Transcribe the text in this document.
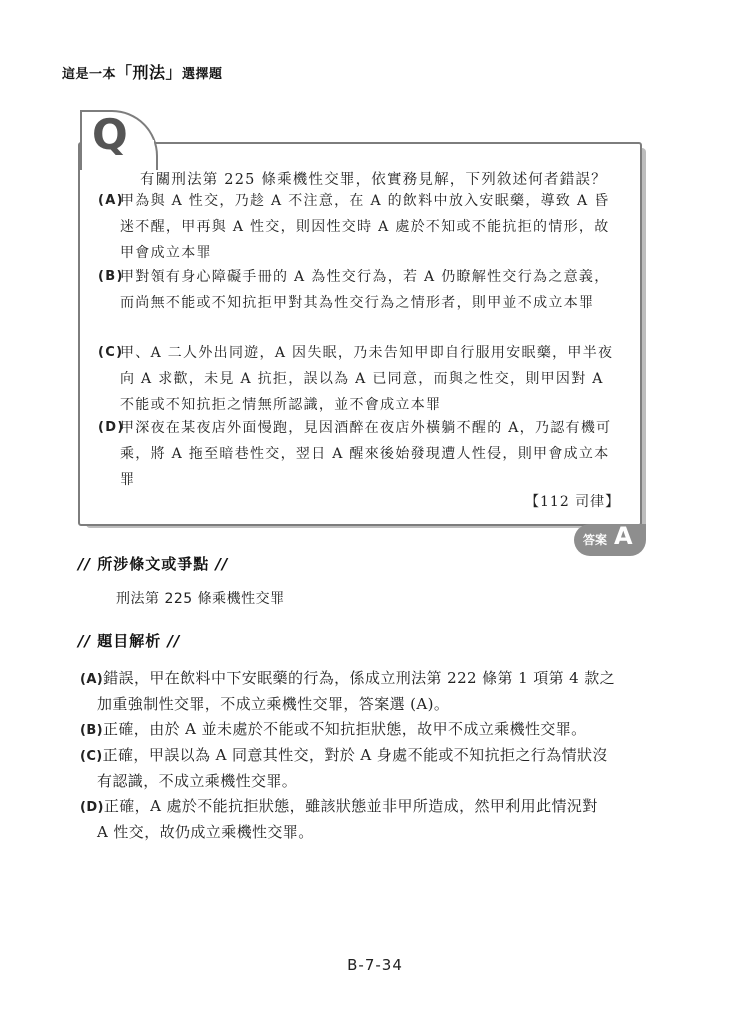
這是一本「刑法」選擇題
Q
有關刑法第 225 條乘機性交罪，依實務見解，下列敘述何者錯誤？
(A)
甲為與 A 性交，乃趁 A 不注意，在 A 的飲料中放入安眠藥，導致 A 昏迷不醒，甲再與 A 性交，則因性交時 A 處於不知或不能抗拒的情形，故甲會成立本罪
(B)
甲對領有身心障礙手冊的 A 為性交行為，若 A 仍瞭解性交行為之意義，而尚無不能或不知抗拒甲對其為性交行為之情形者，則甲並不成立本罪
(C)
甲、A 二人外出同遊，A 因失眠，乃未告知甲即自行服用安眠藥，甲半夜向 A 求歡，未見 A 抗拒，誤以為 A 已同意，而與之性交，則甲因對 A 不能或不知抗拒之情無所認識，並不會成立本罪
(D)
甲深夜在某夜店外面慢跑，見因酒醉在夜店外橫躺不醒的 A，乃認有機可乘，將 A 拖至暗巷性交，翌日 A 醒來後始發現遭人性侵，則甲會成立本罪
【112 司律】
答案 A
// 所涉條文或爭點 //
刑法第 225 條乘機性交罪
// 題目解析 //
(A)錯誤，甲在飲料中下安眠藥的行為，係成立刑法第 222 條第 1 項第 4 款之
加重強制性交罪，不成立乘機性交罪，答案選 (A)。
(B)正確，由於 A 並未處於不能或不知抗拒狀態，故甲不成立乘機性交罪。
(C)正確，甲誤以為 A 同意其性交，對於 A 身處不能或不知抗拒之行為情狀沒
有認識，不成立乘機性交罪。
(D)正確，A 處於不能抗拒狀態，雖該狀態並非甲所造成，然甲利用此情況對
A 性交，故仍成立乘機性交罪。
B-7-34
